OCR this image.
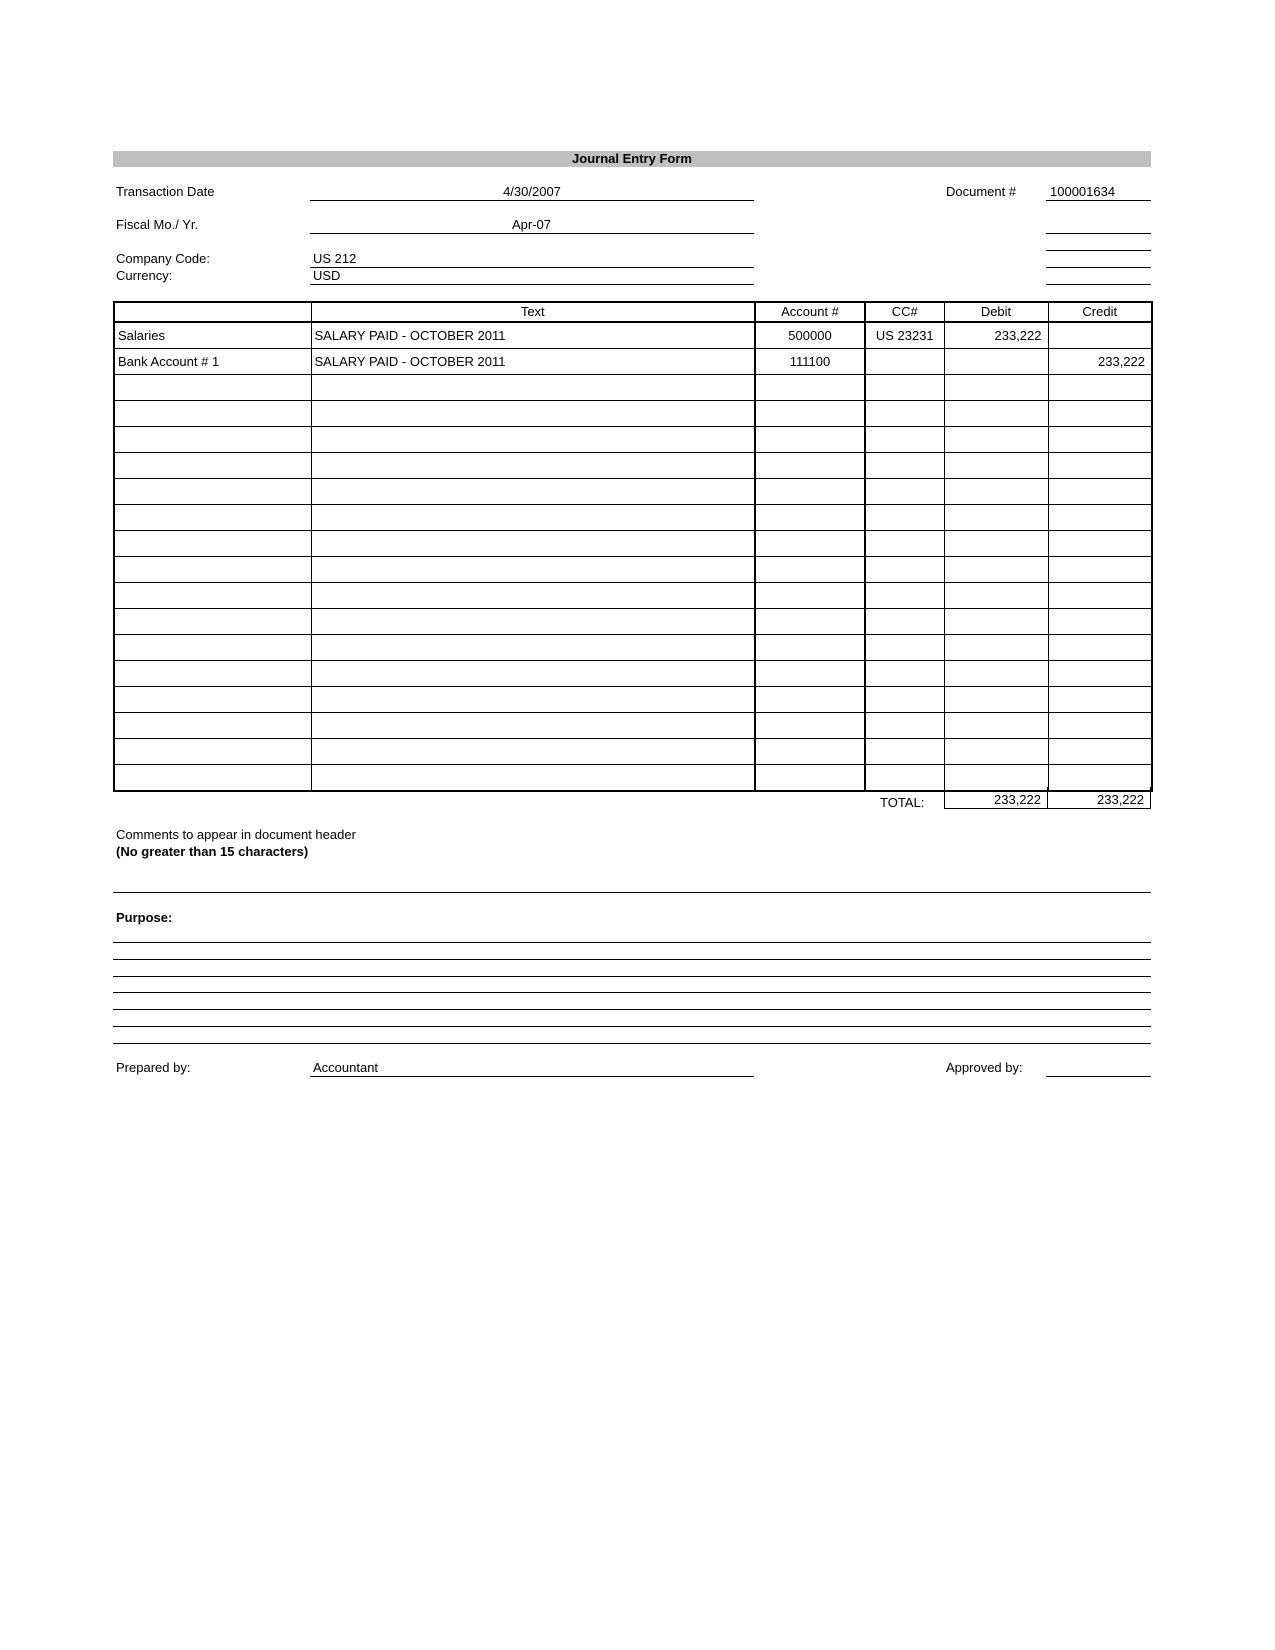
Journal Entry Form
Transaction Date	4/30/2007	Document #	100001634
Fiscal Mo./ Yr.	Apr-07
Company Code:	US 212
Currency:	USD
	Text	Account #	CC#	Debit	Credit
Salaries	SALARY PAID - OCTOBER 2011	500000	US 23231	233,222	
Bank Account # 1	SALARY PAID - OCTOBER 2011	111100			233,222

TOTAL:	233,222	233,222
Comments to appear in document header
(No greater than 15 characters)
Purpose:
Prepared by:	Accountant	Approved by:
